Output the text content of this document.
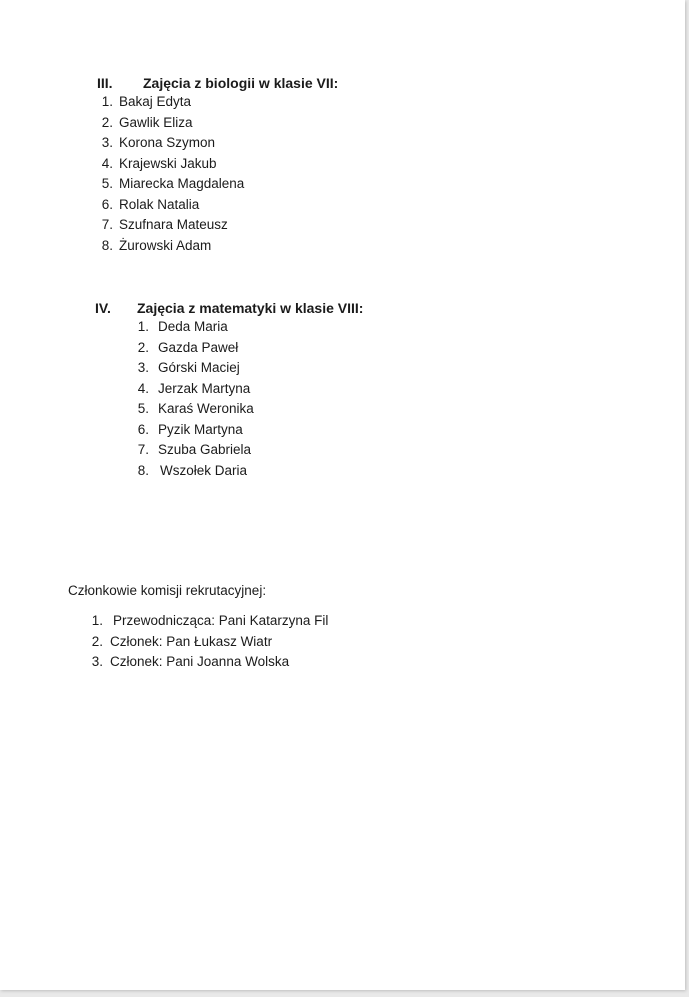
III. Zajęcia z biologii w klasie VII:
1. Bakaj Edyta
2. Gawlik Eliza
3. Korona Szymon
4. Krajewski Jakub
5. Miarecka Magdalena
6. Rolak Natalia
7. Szufnara Mateusz
8. Żurowski Adam
IV. Zajęcia z matematyki w klasie VIII:
1. Deda Maria
2. Gazda Paweł
3. Górski Maciej
4. Jerzak Martyna
5. Karaś Weronika
6. Pyzik Martyna
7. Szuba Gabriela
8. Wszołek Daria
Członkowie komisji rekrutacyjnej:
1. Przewodnicząca: Pani Katarzyna Fil
2. Członek: Pan Łukasz Wiatr
3. Członek: Pani Joanna Wolska
